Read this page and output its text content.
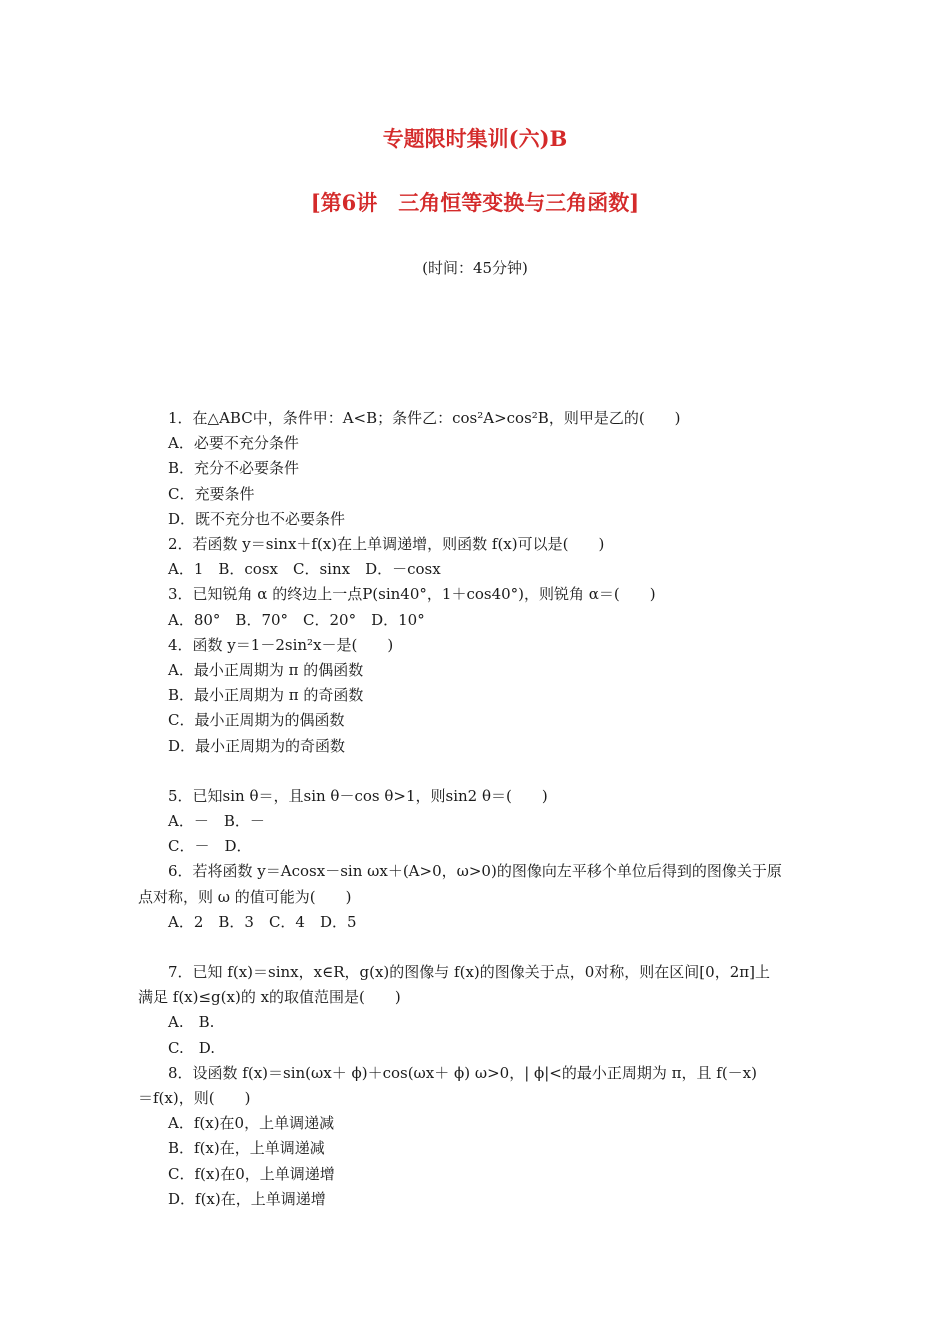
专题限时集训(六)B
[第6讲　三角恒等变换与三角函数]
(时间：45分钟)
1．在△ABC中，条件甲：A<B；条件乙：cos²A>cos²B，则甲是乙的(　　)
A．必要不充分条件
B．充分不必要条件
C．充要条件
D．既不充分也不必要条件
2．若函数 y＝sinx＋f(x)在上单调递增，则函数 f(x)可以是(　　)
A．1　B．cosx　C．sinx　D．－cosx
3．已知锐角 α 的终边上一点P(sin40°，1＋cos40°)，则锐角 α＝(　　)
A．80°　B．70°　C．20°　D．10°
4．函数 y＝1－2sin²x－是(　　)
A．最小正周期为 π 的偶函数
B．最小正周期为 π 的奇函数
C．最小正周期为的偶函数
D．最小正周期为的奇函数
5．已知sin θ＝，且sin θ－cos θ>1，则sin2 θ＝(　　)
A．－　B．－
C．－　D．
6．若将函数 y＝Acosx－sin ωx＋(A>0，ω>0)的图像向左平移个单位后得到的图像关于原
点对称，则 ω 的值可能为(　　)
A．2　B．3　C．4　D．5
7．已知 f(x)＝sinx，x∈R，g(x)的图像与 f(x)的图像关于点，0对称，则在区间[0，2π]上
满足 f(x)≤g(x)的 x的取值范围是(　　)
A.　B.
C.　D.
8．设函数 f(x)＝sin(ωx＋ ϕ)＋cos(ωx＋ ϕ) ω>0，| ϕ|<的最小正周期为 π，且 f(－x)
＝f(x)，则(　　)
A．f(x)在0，上单调递减
B．f(x)在，上单调递减
C．f(x)在0，上单调递增
D．f(x)在，上单调递增
